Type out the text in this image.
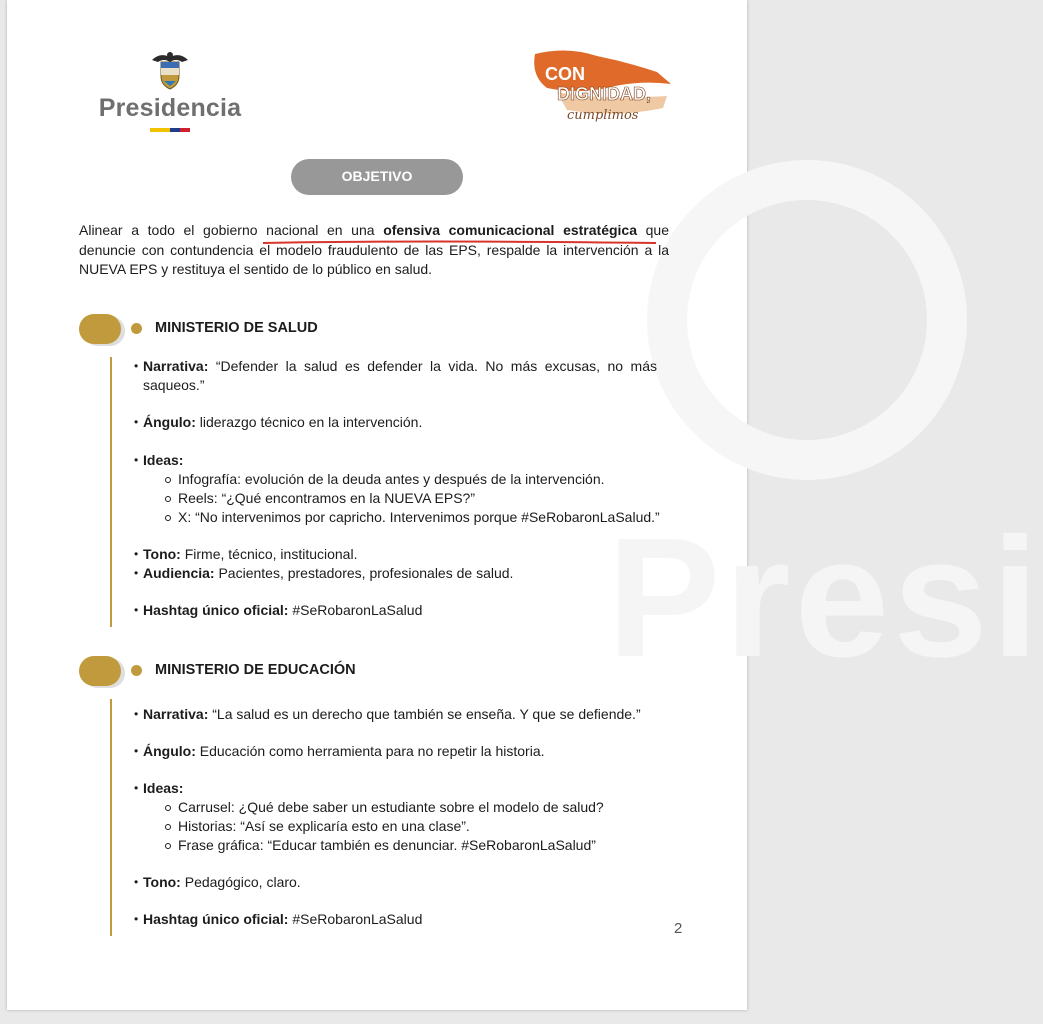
Presi
Presidencia
CON
DIGNIDAD,
cumplimos
OBJETIVO
Alinear a todo el gobierno nacional en una ofensiva comunicacional estratégica que denuncie con contundencia el modelo fraudulento de las EPS, respalde la intervención a la NUEVA EPS y restituya el sentido de lo público en salud.
MINISTERIO DE SALUD
• Narrativa: “Defender la salud es defender la vida. No más excusas, no más saqueos.”
• Ángulo: liderazgo técnico en la intervención.
• Ideas:
Infografía: evolución de la deuda antes y después de la intervención.
Reels: “¿Qué encontramos en la NUEVA EPS?”
X: “No intervenimos por capricho. Intervenimos porque #SeRobaronLaSalud.”
• Tono: Firme, técnico, institucional.
• Audiencia: Pacientes, prestadores, profesionales de salud.
• Hashtag único oficial: #SeRobaronLaSalud
MINISTERIO DE EDUCACIÓN
• Narrativa: “La salud es un derecho que también se enseña. Y que se defiende.”
• Ángulo: Educación como herramienta para no repetir la historia.
• Ideas:
Carrusel: ¿Qué debe saber un estudiante sobre el modelo de salud?
Historias: “Así se explicaría esto en una clase”.
Frase gráfica: “Educar también es denunciar. #SeRobaronLaSalud”
• Tono: Pedagógico, claro.
• Hashtag único oficial: #SeRobaronLaSalud
2
